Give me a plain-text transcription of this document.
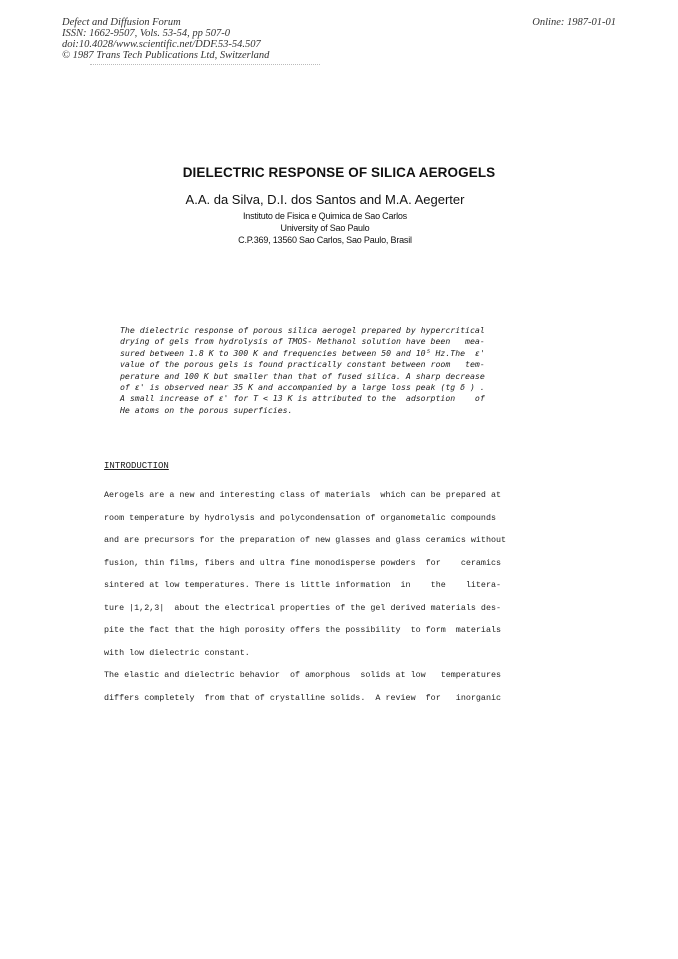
Defect and Diffusion Forum
ISSN: 1662-9507, Vols. 53-54, pp 507-0
doi:10.4028/www.scientific.net/DDF.53-54.507
© 1987 Trans Tech Publications Ltd, Switzerland
Online: 1987-01-01
DIELECTRIC RESPONSE OF SILICA AEROGELS
A.A. da Silva, D.I. dos Santos and M.A. Aegerter
Instituto de Fisica e Quimica de Sao Carlos
University of Sao Paulo
C.P.369, 13560 Sao Carlos, Sao Paulo, Brasil
The dielectric response of porous silica aerogel prepared by hypercritical
drying of gels from hydrolysis of TMOS- Methanol solution have been   mea-
sured between 1.8 K to 300 K and frequencies between 50 and 10⁵ Hz.The  ε'
value of the porous gels is found practically constant between room   tem-
perature and 100 K but smaller than that of fused silica. A sharp decrease
of ε' is observed near 35 K and accompanied by a large loss peak (tg δ ) .
A small increase of ε' for T < 13 K is attributed to the  adsorption    of
He atoms on the porous superficies.
INTRODUCTION
Aerogels are a new and interesting class of materials  which can be prepared at
room temperature by hydrolysis and polycondensation of organometalic compounds
and are precursors for the preparation of new glasses and glass ceramics without
fusion, thin films, fibers and ultra fine monodisperse powders  for    ceramics
sintered at low temperatures. There is little information  in    the    litera-
ture |1,2,3|  about the electrical properties of the gel derived materials des-
pite the fact that the high porosity offers the possibility  to form  materials
with low dielectric constant.
The elastic and dielectric behavior  of amorphous  solids at low   temperatures
differs completely  from that of crystalline solids.  A review  for   inorganic
